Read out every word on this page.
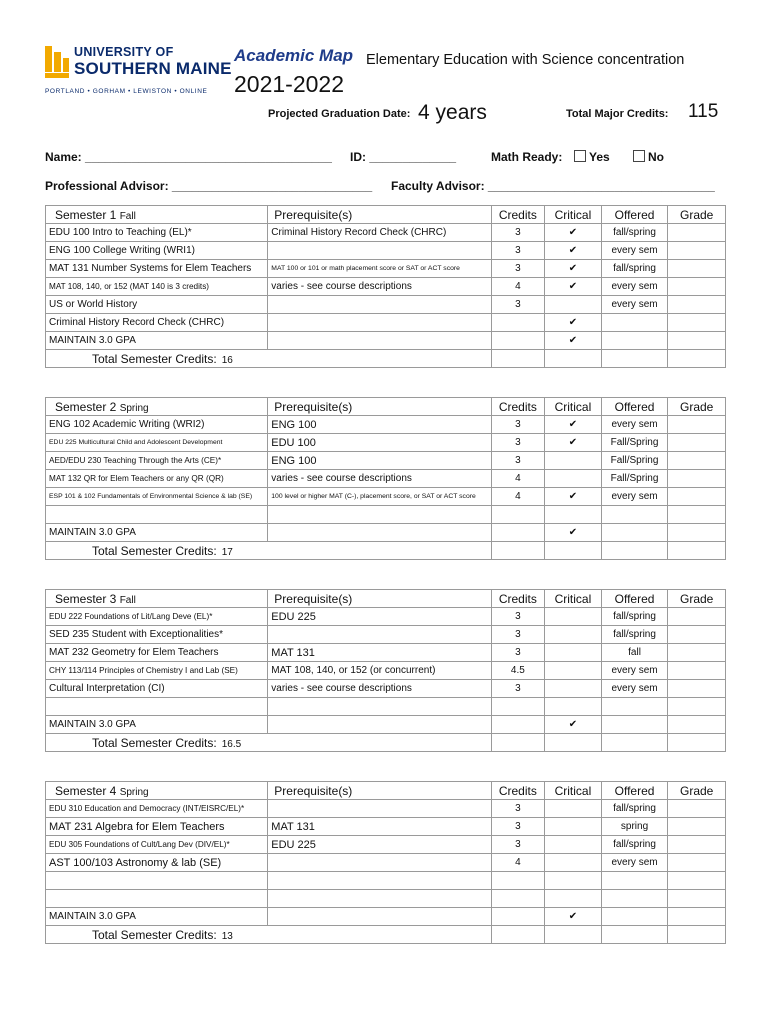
UNIVERSITY OF
SOUTHERN MAINE
PORTLAND • GORHAM • LEWISTON • ONLINE
Academic Map Elementary Education with Science concentration
2021-2022
Projected Graduation Date: 4 years	Total Major Credits: 115
Name: _____________________________________ ID: _____________	Math Ready:	Yes	No
Professional Advisor: ______________________________ Faculty Advisor: __________________________________
Semester 1 Fall	Prerequisite(s)	Credits	Critical	Offered	Grade
EDU 100 Intro to Teaching (EL)*	Criminal History Record Check (CHRC)	3	✔	fall/spring	
ENG 100 College Writing (WRI1)		3	✔	every sem	
MAT 131 Number Systems for Elem Teachers	MAT 100 or 101 or math placement score or SAT or ACT score	3	✔	fall/spring	
MAT 108, 140, or 152 (MAT 140 is 3 credits)	varies - see course descriptions	4	✔	every sem	
US or World History		3		every sem	
Criminal History Record Check (CHRC)			✔		
MAINTAIN 3.0 GPA			✔		
Total Semester Credits: 16					
Semester 2 Spring	Prerequisite(s)	Credits	Critical	Offered	Grade
ENG 102 Academic Writing (WRI2)	ENG 100	3	✔	every sem	
EDU 225 Multicultural Child and Adolescent Development	EDU 100	3	✔	Fall/Spring	
AED/EDU 230 Teaching Through the Arts (CE)*	ENG 100	3		Fall/Spring	
MAT 132 QR for Elem Teachers or any QR (QR)	varies - see course descriptions	4		Fall/Spring	
ESP 101 & 102 Fundamentals of Environmental Science & lab (SE)	100 level or higher MAT (C-), placement score, or SAT or ACT score	4	✔	every sem	

MAINTAIN 3.0 GPA			✔		
Total Semester Credits: 17					
Semester 3 Fall	Prerequisite(s)	Credits	Critical	Offered	Grade
EDU 222 Foundations of Lit/Lang Deve (EL)*	EDU 225	3		fall/spring	
SED 235 Student with Exceptionalities*		3		fall/spring	
MAT 232 Geometry for Elem Teachers	MAT 131	3		fall	
CHY 113/114 Principles of Chemistry I and Lab (SE)	MAT 108, 140, or 152 (or concurrent)	4.5		every sem	
Cultural Interpretation (CI)	varies - see course descriptions	3		every sem	

MAINTAIN 3.0 GPA			✔		
Total Semester Credits: 16.5					
Semester 4 Spring	Prerequisite(s)	Credits	Critical	Offered	Grade
EDU 310 Education and Democracy (INT/EISRC/EL)*		3		fall/spring	
MAT 231 Algebra for Elem Teachers	MAT 131	3		spring	
EDU 305 Foundations of Cult/Lang Dev (DIV/EL)*	EDU 225	3		fall/spring	
AST 100/103 Astronomy & lab (SE)		4		every sem	

MAINTAIN 3.0 GPA			✔		
Total Semester Credits: 13					
